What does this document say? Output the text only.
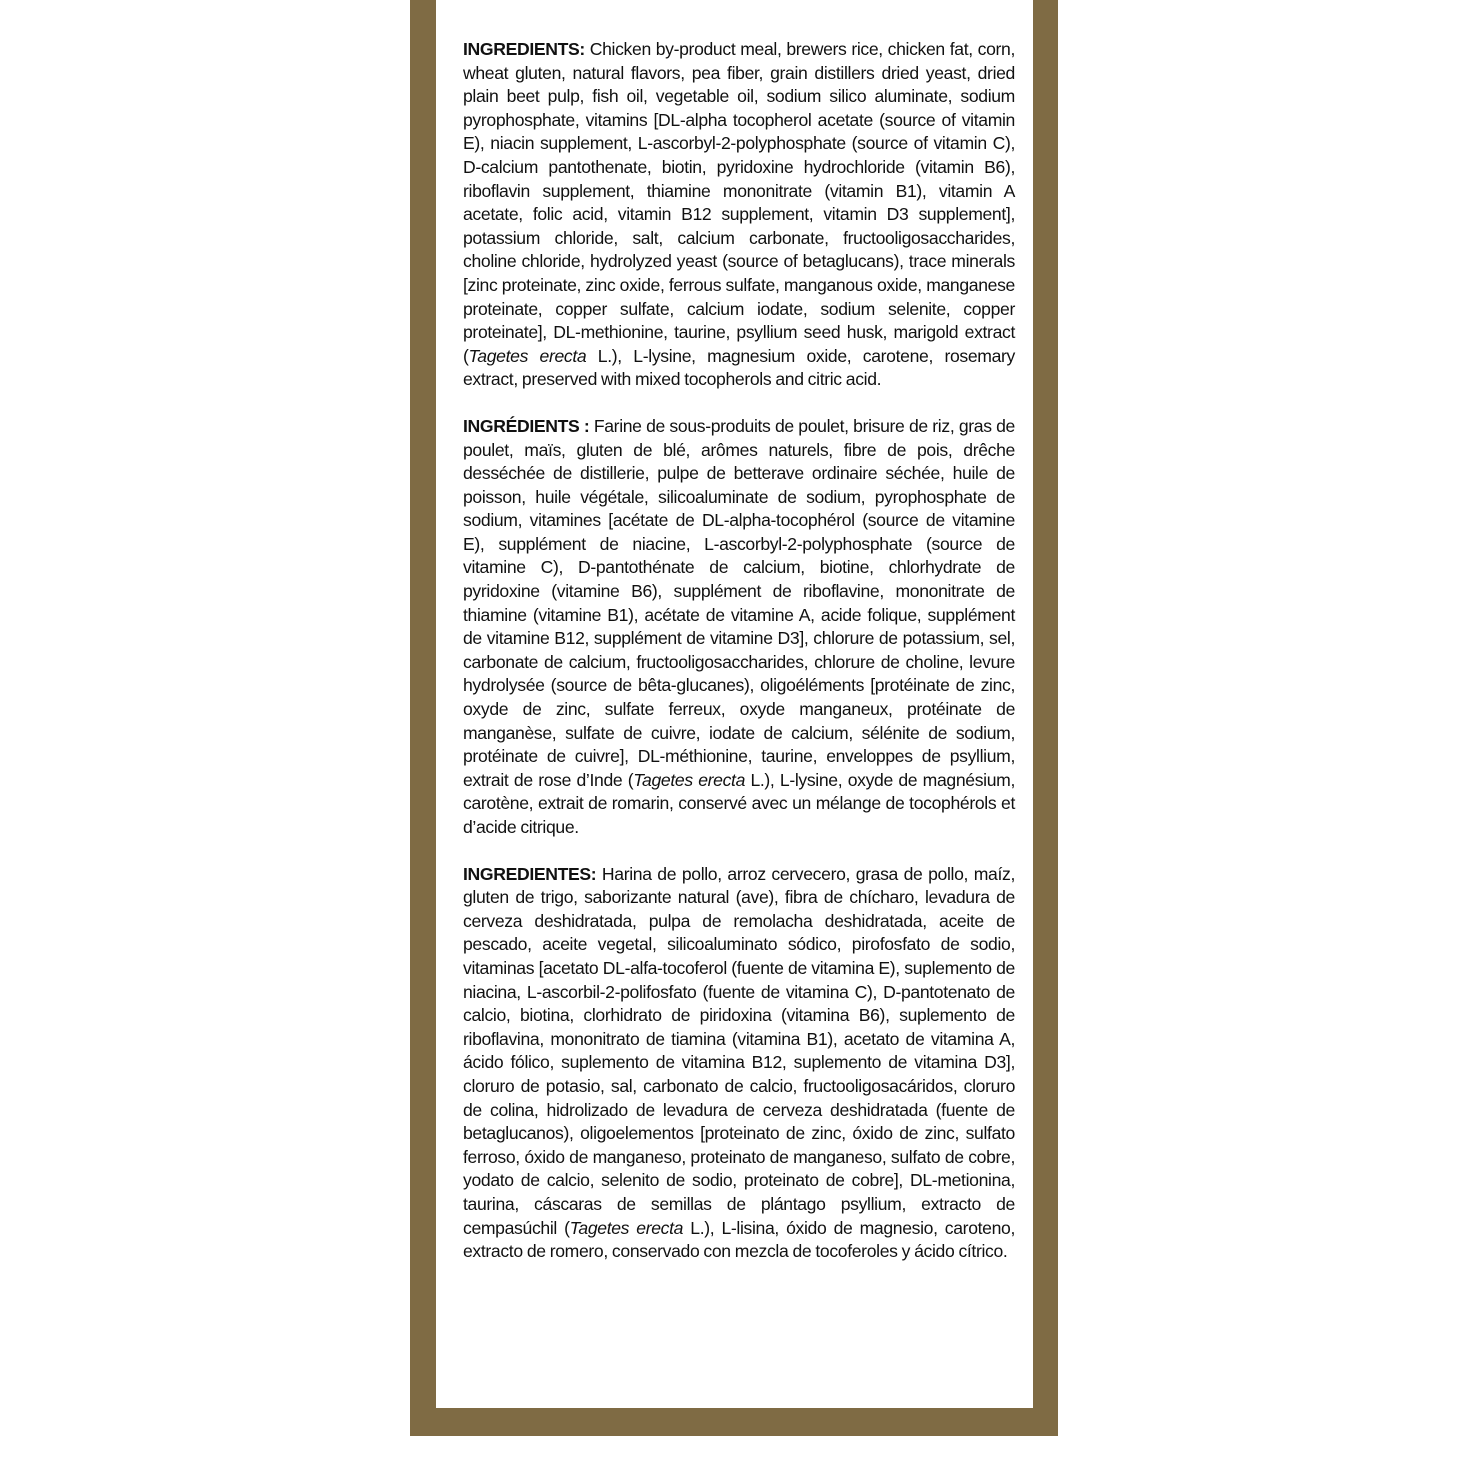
INGREDIENTS: Chicken by-product meal, brewers rice, chicken fat, corn, wheat gluten, natural flavors, pea fiber, grain distillers dried yeast, dried plain beet pulp, fish oil, vegetable oil, sodium silico aluminate, sodium pyrophosphate, vitamins [DL-alpha tocopherol acetate (source of vitamin E), niacin supplement, L-ascorbyl-2-polyphosphate (source of vitamin C), D-calcium pantothenate, biotin, pyridoxine hydrochloride (vitamin B6), riboflavin supplement, thiamine mononitrate (vitamin B1), vitamin A acetate, folic acid, vitamin B12 supplement, vitamin D3 supplement], potassium chloride, salt, calcium carbonate, fructooligosaccharides, choline chloride, hydrolyzed yeast (source of betaglucans), trace minerals [zinc proteinate, zinc oxide, ferrous sulfate, manganous oxide, manganese proteinate, copper sulfate, calcium iodate, sodium selenite, copper proteinate], DL-methionine, taurine, psyllium seed husk, marigold extract (Tagetes erecta L.), L-lysine, magnesium oxide, carotene, rosemary extract, preserved with mixed tocopherols and citric acid.

INGRÉDIENTS : Farine de sous-produits de poulet, brisure de riz, gras de poulet, maïs, gluten de blé, arômes naturels, fibre de pois, drêche desséchée de distillerie, pulpe de betterave ordinaire séchée, huile de poisson, huile végétale, silicoaluminate de sodium, pyrophosphate de sodium, vitamines [acétate de DL-alpha-tocophérol (source de vitamine E), supplément de niacine, L-ascorbyl-2-polyphosphate (source de vitamine C), D-pantothénate de calcium, biotine, chlorhydrate de pyridoxine (vitamine B6), supplément de riboflavine, mononitrate de thiamine (vitamine B1), acétate de vitamine A, acide folique, supplément de vitamine B12, supplément de vitamine D3], chlorure de potassium, sel, carbonate de calcium, fructooligosaccharides, chlorure de choline, levure hydrolysée (source de bêta-glucanes), oligoéléments [protéinate de zinc, oxyde de zinc, sulfate ferreux, oxyde manganeux, protéinate de manganèse, sulfate de cuivre, iodate de calcium, sélénite de sodium, protéinate de cuivre], DL-méthionine, taurine, enveloppes de psyllium, extrait de rose d’Inde (Tagetes erecta L.), L-lysine, oxyde de magnésium, carotène, extrait de romarin, conservé avec un mélange de tocophérols et d’acide citrique.

INGREDIENTES: Harina de pollo, arroz cervecero, grasa de pollo, maíz, gluten de trigo, saborizante natural (ave), fibra de chícharo, levadura de cerveza deshidratada, pulpa de remolacha deshidratada, aceite de pescado, aceite vegetal, silicoaluminato sódico, pirofosfato de sodio, vitaminas [acetato DL-alfa-tocoferol (fuente de vitamina E), suplemento de niacina, L-ascorbil-2-polifosfato (fuente de vitamina C), D-pantotenato de calcio, biotina, clorhidrato de piridoxina (vitamina B6), suplemento de riboflavina, mononitrato de tiamina (vitamina B1), acetato de vitamina A, ácido fólico, suplemento de vitamina B12, suplemento de vitamina D3], cloruro de potasio, sal, carbonato de calcio, fructooligosacáridos, cloruro de colina, hidrolizado de levadura de cerveza deshidratada (fuente de betaglucanos), oligoelementos [proteinato de zinc, óxido de zinc, sulfato ferroso, óxido de manganeso, proteinato de manganeso, sulfato de cobre, yodato de calcio, selenito de sodio, proteinato de cobre], DL-metionina, taurina, cáscaras de semillas de plántago psyllium, extracto de cempasúchil (Tagetes erecta L.), L-lisina, óxido de magnesio, caroteno, extracto de romero, conservado con mezcla de tocoferoles y ácido cítrico.
